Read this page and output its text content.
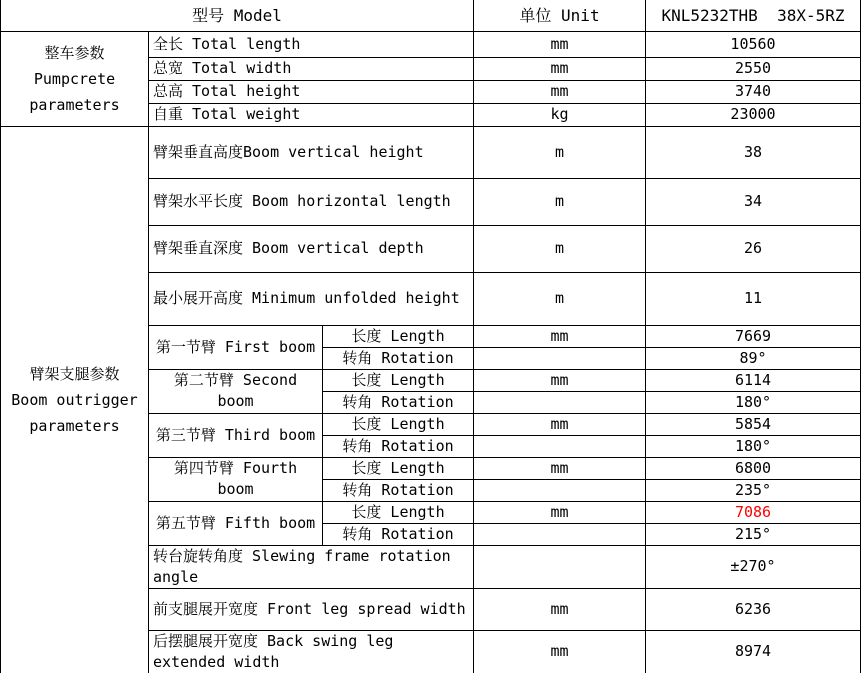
型号 Model			单位 Unit	KNL5232THB  38X-5RZ

整车参数
Pumpcrete
parameters	全长 Total length		mm	10560
	总宽 Total width		mm	2550
	总高 Total height		mm	3740
	自重 Total weight		kg	23000

臂架支腿参数
Boom outrigger
parameters	臂架垂直高度Boom vertical height		m	38
	臂架水平长度 Boom horizontal length		m	34
	臂架垂直深度 Boom vertical depth		m	26
	最小展开高度 Minimum unfolded height		m	11
	第一节臂 First boom	长度 Length	mm	7669
		转角 Rotation		89°
	第二节臂 Second boom	长度 Length	mm	6114
		转角 Rotation		180°
	第三节臂 Third boom	长度 Length	mm	5854
		转角 Rotation		180°
	第四节臂 Fourth boom	长度 Length	mm	6800
		转角 Rotation		235°
	第五节臂 Fifth boom	长度 Length	mm	7086
		转角 Rotation		215°
	转台旋转角度 Slewing frame rotation angle			±270°
	前支腿展开宽度 Front leg spread width		mm	6236
	后摆腿展开宽度 Back swing leg extended width		mm	8974
